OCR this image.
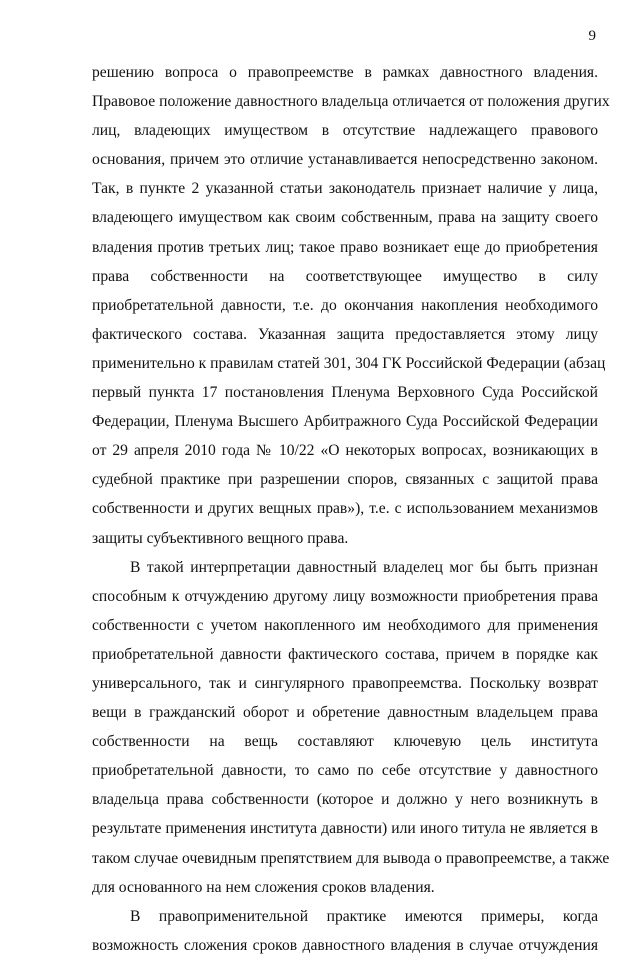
9
решению вопроса о правопреемстве в рамках давностного владения.
Правовое положение давностного владельца отличается от положения других
лиц, владеющих имуществом в отсутствие надлежащего правового
основания, причем это отличие устанавливается непосредственно законом.
Так, в пункте 2 указанной статьи законодатель признает наличие у лица,
владеющего имуществом как своим собственным, права на защиту своего
владения против третьих лиц; такое право возникает еще до приобретения
права собственности на соответствующее имущество в силу
приобретательной давности, т.е. до окончания накопления необходимого
фактического состава. Указанная защита предоставляется этому лицу
применительно к правилам статей 301, 304 ГК Российской Федерации (абзац
первый пункта 17 постановления Пленума Верховного Суда Российской
Федерации, Пленума Высшего Арбитражного Суда Российской Федерации
от 29 апреля 2010 года № 10/22 «О некоторых вопросах, возникающих в
судебной практике при разрешении споров, связанных с защитой права
собственности и других вещных прав»), т.е. с использованием механизмов
защиты субъективного вещного права.
В такой интерпретации давностный владелец мог бы быть признан
способным к отчуждению другому лицу возможности приобретения права
собственности с учетом накопленного им необходимого для применения
приобретательной давности фактического состава, причем в порядке как
универсального, так и сингулярного правопреемства. Поскольку возврат
вещи в гражданский оборот и обретение давностным владельцем права
собственности на вещь составляют ключевую цель института
приобретательной давности, то само по себе отсутствие у давностного
владельца права собственности (которое и должно у него возникнуть в
результате применения института давности) или иного титула не является в
таком случае очевидным препятствием для вывода о правопреемстве, а также
для основанного на нем сложения сроков владения.
В правоприменительной практике имеются примеры, когда
возможность сложения сроков давностного владения в случае отчуждения
